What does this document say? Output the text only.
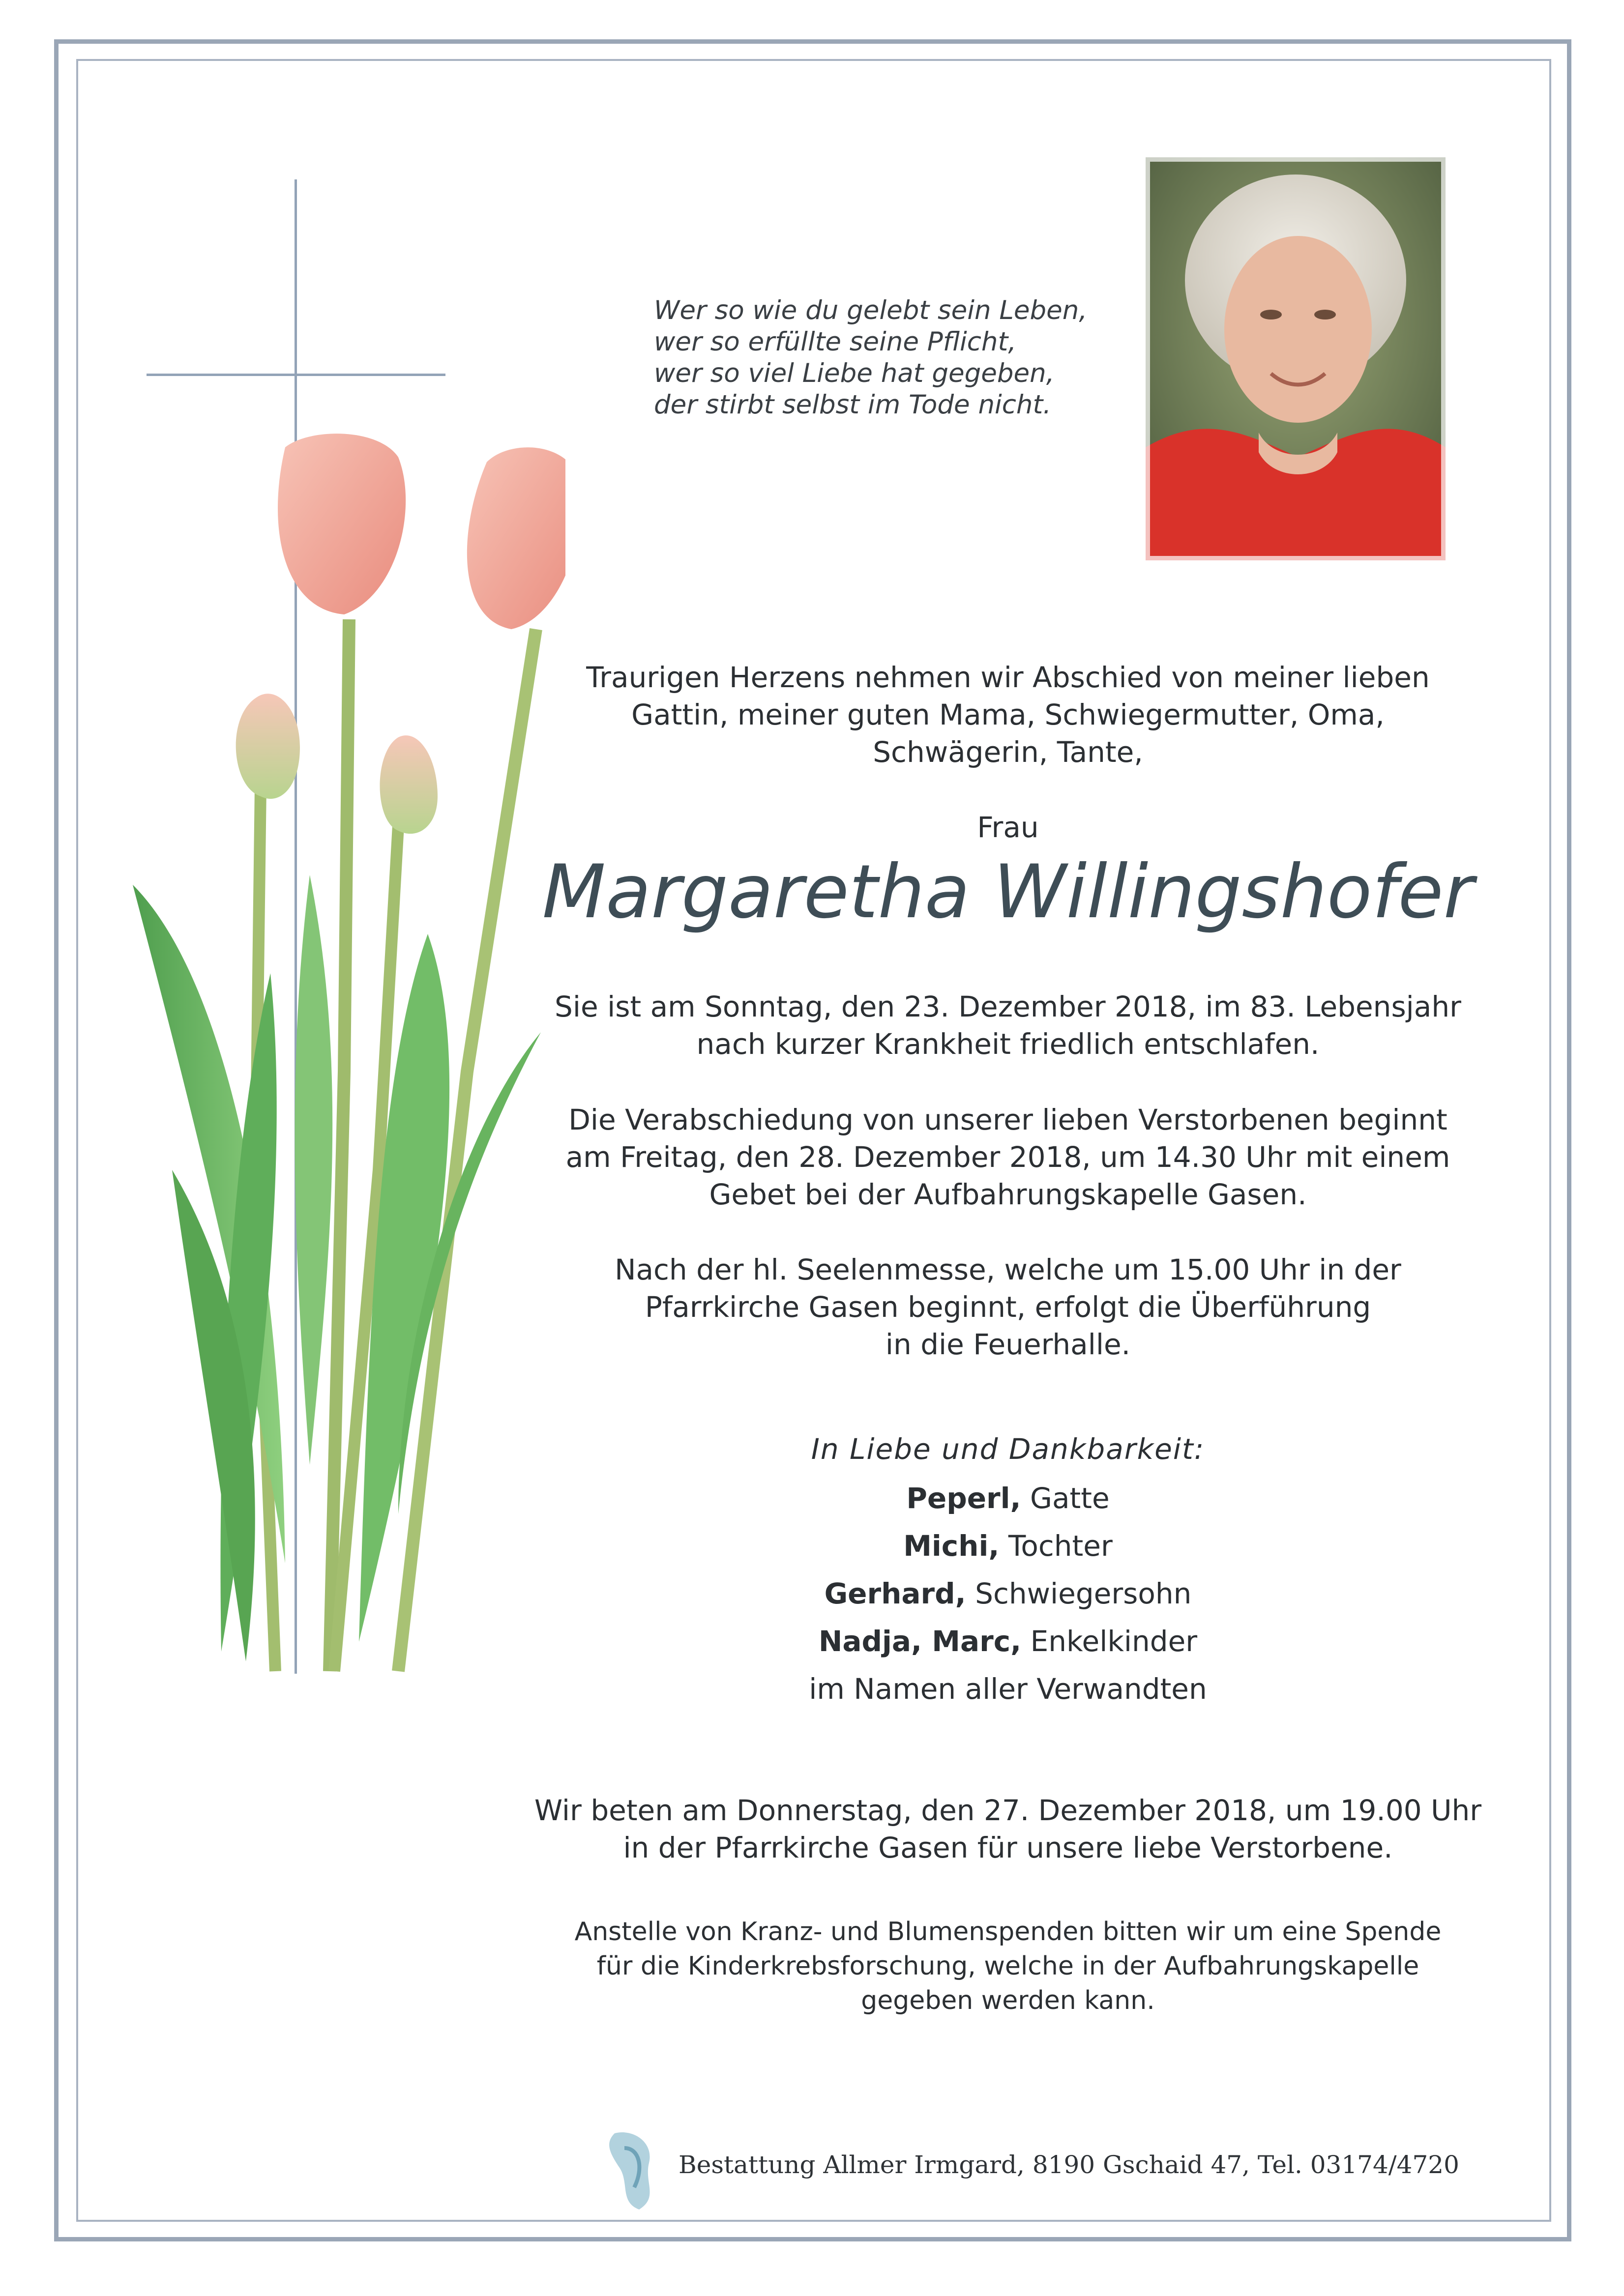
Wer so wie du gelebt sein Leben,
wer so erfüllte seine Pflicht,
wer so viel Liebe hat gegeben,
der stirbt selbst im Tode nicht.
Traurigen Herzens nehmen wir Abschied von meiner lieben
Gattin, meiner guten Mama, Schwiegermutter, Oma,
Schwägerin, Tante,
Frau
Margaretha Willingshofer
Sie ist am Sonntag, den 23. Dezember 2018, im 83. Lebensjahr
nach kurzer Krankheit friedlich entschlafen.
Die Verabschiedung von unserer lieben Verstorbenen beginnt
am Freitag, den 28. Dezember 2018, um 14.30 Uhr mit einem
Gebet bei der Aufbahrungskapelle Gasen.
Nach der hl. Seelenmesse, welche um 15.00 Uhr in der
Pfarrkirche Gasen beginnt, erfolgt die Überführung
in die Feuerhalle.
In Liebe und Dankbarkeit:
Peperl, Gatte
Michi, Tochter
Gerhard, Schwiegersohn
Nadja, Marc, Enkelkinder
im Namen aller Verwandten
Wir beten am Donnerstag, den 27. Dezember 2018, um 19.00 Uhr
in der Pfarrkirche Gasen für unsere liebe Verstorbene.
Anstelle von Kranz- und Blumenspenden bitten wir um eine Spende
für die Kinderkrebsforschung, welche in der Aufbahrungskapelle
gegeben werden kann.
Bestattung Allmer Irmgard, 8190 Gschaid 47, Tel. 03174/4720
